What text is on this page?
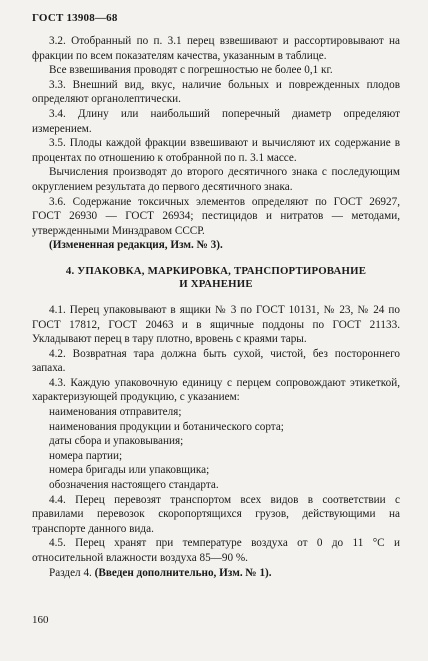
ГОСТ 13908—68

3.2. Отобранный по п. 3.1 перец взвешивают и рассортировывают на фракции по всем показателям качества, указанным в таблице.

Все взвешивания проводят с погрешностью не более 0,1 кг.

3.3. Внешний вид, вкус, наличие больных и поврежденных плодов определяют органолептически.

3.4. Длину или наибольший поперечный диаметр определяют измерением.

3.5. Плоды каждой фракции взвешивают и вычисляют их содержание в процентах по отношению к отобранной по п. 3.1 массе.

Вычисления производят до второго десятичного знака с последующим округлением результата до первого десятичного знака.

3.6. Содержание токсичных элементов определяют по ГОСТ 26927, ГОСТ 26930 — ГОСТ 26934; пестицидов и нитратов — методами, утвержденными Минздравом СССР.

(Измененная редакция, Изм. № 3).

4. УПАКОВКА, МАРКИРОВКА, ТРАНСПОРТИРОВАНИЕ
И ХРАНЕНИЕ

4.1. Перец упаковывают в ящики № 3 по ГОСТ 10131, № 23, № 24 по ГОСТ 17812, ГОСТ 20463 и в ящичные поддоны по ГОСТ 21133. Укладывают перец в тару плотно, вровень с краями тары.

4.2. Возвратная тара должна быть сухой, чистой, без постороннего запаха.

4.3. Каждую упаковочную единицу с перцем сопровождают этикеткой, характеризующей продукцию, с указанием:

наименования отправителя;

наименования продукции и ботанического сорта;

даты сбора и упаковывания;

номера партии;

номера бригады или упаковщика;

обозначения настоящего стандарта.

4.4. Перец перевозят транспортом всех видов в соответствии с правилами перевозок скоропортящихся грузов, действующими на транспорте данного вида.

4.5. Перец хранят при температуре воздуха от 0 до 11 °С и относительной влажности воздуха 85—90 %.

Раздел 4. (Введен дополнительно, Изм. № 1).

160
